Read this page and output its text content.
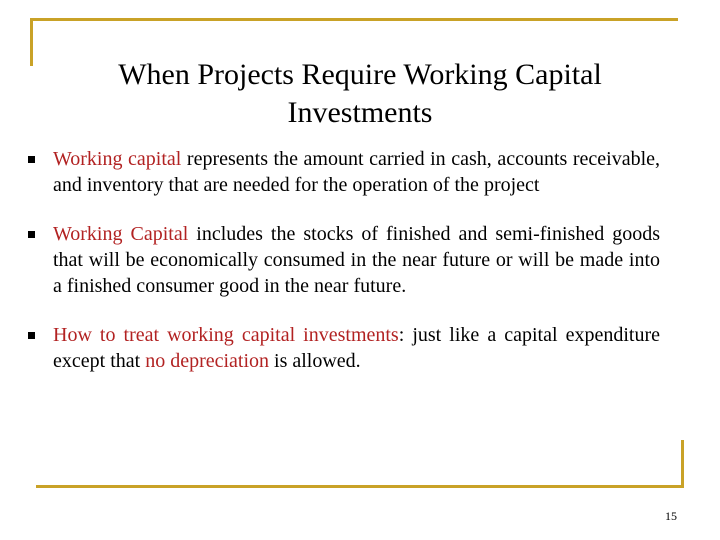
When Projects Require Working Capital Investments
Working capital represents the amount carried in cash, accounts receivable, and inventory that are needed for the operation of the project
Working Capital includes the stocks of finished and semi-finished goods that will be economically consumed in the near future or will be made into a finished consumer good in the near future.
How to treat working capital investments: just like a capital expenditure except that no depreciation is allowed.
15
